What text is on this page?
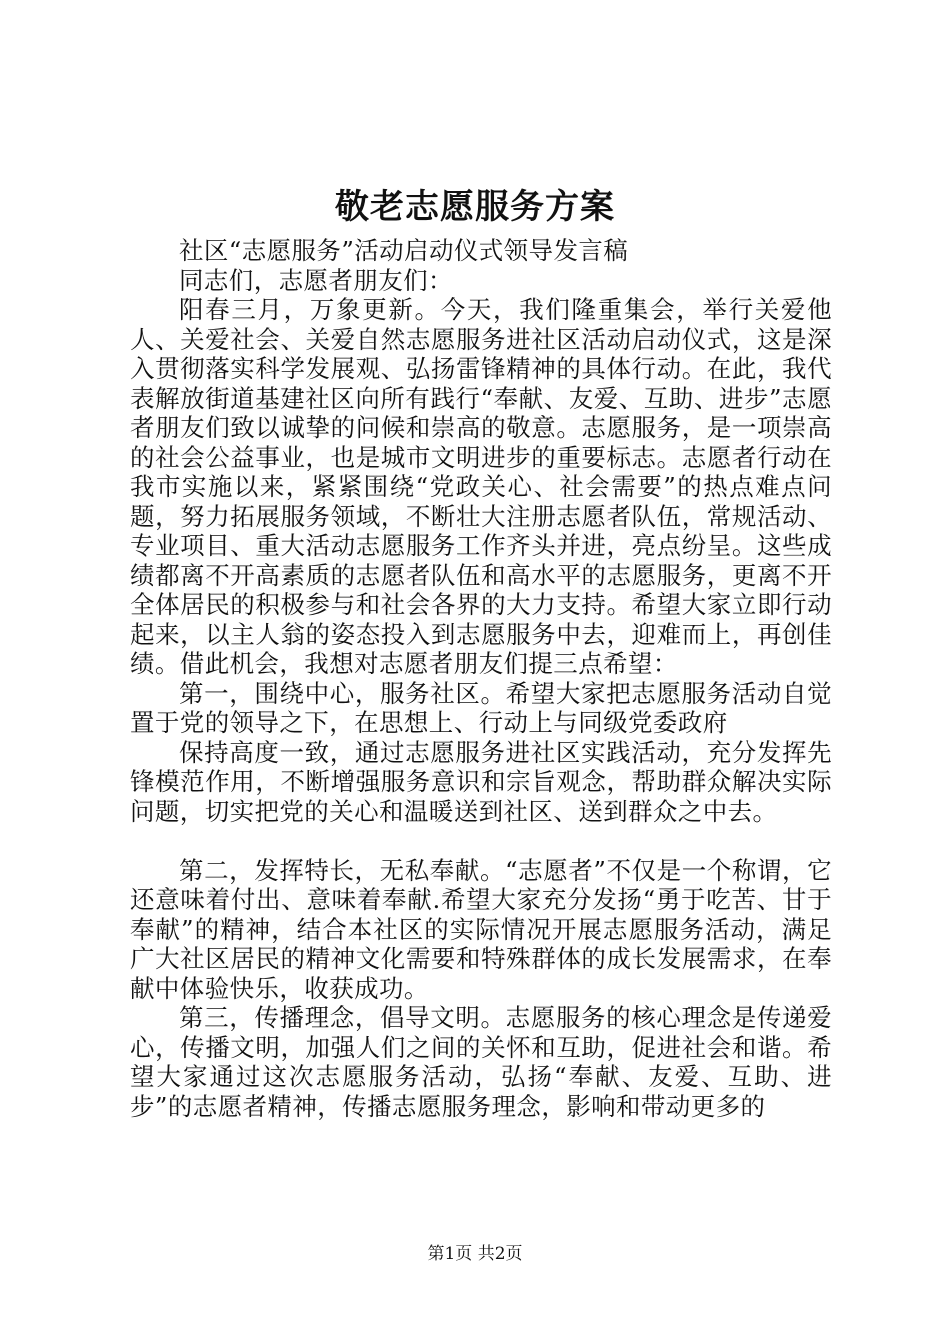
敬老志愿服务方案

社区“志愿服务”活动启动仪式领导发言稿

同志们，志愿者朋友们：

阳春三月，万象更新。今天，我们隆重集会，举行关爱他人、关爱社会、关爱自然志愿服务进社区活动启动仪式，这是深入贯彻落实科学发展观、弘扬雷锋精神的具体行动。在此，我代表解放街道基建社区向所有践行“奉献、友爱、互助、进步”志愿者朋友们致以诚挚的问候和崇高的敬意。志愿服务，是一项崇高的社会公益事业，也是城市文明进步的重要标志。志愿者行动在我市实施以来，紧紧围绕“党政关心、社会需要”的热点难点问题，努力拓展服务领域，不断壮大注册志愿者队伍，常规活动、专业项目、重大活动志愿服务工作齐头并进，亮点纷呈。这些成绩都离不开高素质的志愿者队伍和高水平的志愿服务，更离不开全体居民的积极参与和社会各界的大力支持。希望大家立即行动起来，以主人翁的姿态投入到志愿服务中去，迎难而上，再创佳绩。借此机会，我想对志愿者朋友们提三点希望：

第一，围绕中心，服务社区。希望大家把志愿服务活动自觉置于党的领导之下，在思想上、行动上与同级党委政府

保持高度一致，通过志愿服务进社区实践活动，充分发挥先锋模范作用，不断增强服务意识和宗旨观念，帮助群众解决实际问题，切实把党的关心和温暖送到社区、送到群众之中去。

第二，发挥特长，无私奉献。“志愿者”不仅是一个称谓，它还意味着付出、意味着奉献.希望大家充分发扬“勇于吃苦、甘于奉献”的精神，结合本社区的实际情况开展志愿服务活动，满足广大社区居民的精神文化需要和特殊群体的成长发展需求，在奉献中体验快乐，收获成功。

第三，传播理念，倡导文明。志愿服务的核心理念是传递爱心，传播文明，加强人们之间的关怀和互助，促进社会和谐。希望大家通过这次志愿服务活动，弘扬“奉献、友爱、互助、进步”的志愿者精神，传播志愿服务理念，影响和带动更多的

第1页 共2页
